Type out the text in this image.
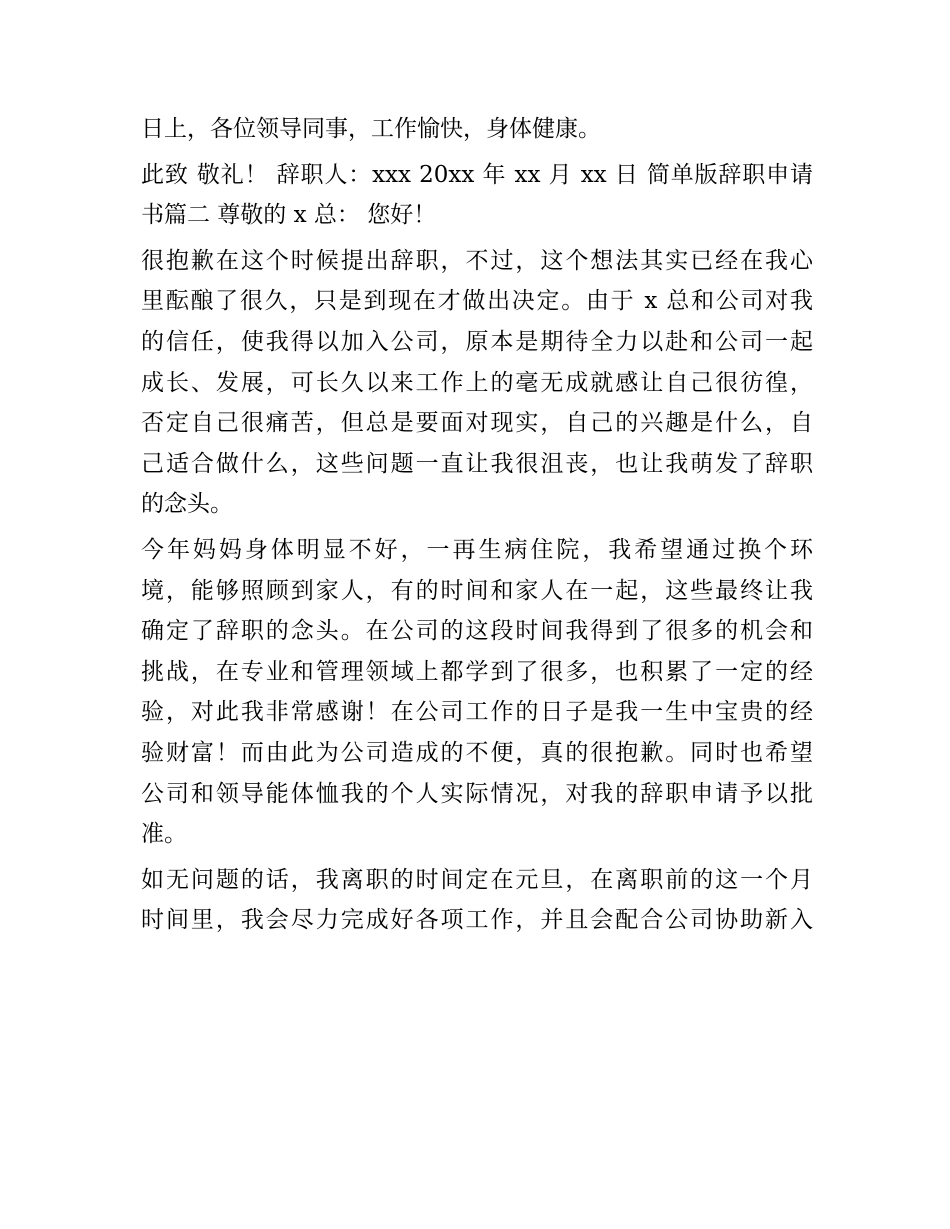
日上，各位领导同事，工作愉快，身体健康。
此致 敬礼！ 辞职人：xxx 20xx 年 xx 月 xx 日 简单版辞职申请
书篇二 尊敬的 x 总： 您好！
很抱歉在这个时候提出辞职，不过，这个想法其实已经在我心
里酝酿了很久，只是到现在才做出决定。由于 x 总和公司对我
的信任，使我得以加入公司，原本是期待全力以赴和公司一起
成长、发展，可长久以来工作上的毫无成就感让自己很彷徨，
否定自己很痛苦，但总是要面对现实，自己的兴趣是什么，自
己适合做什么，这些问题一直让我很沮丧，也让我萌发了辞职
的念头。
今年妈妈身体明显不好，一再生病住院，我希望通过换个环
境，能够照顾到家人，有的时间和家人在一起，这些最终让我
确定了辞职的念头。在公司的这段时间我得到了很多的机会和
挑战，在专业和管理领域上都学到了很多，也积累了一定的经
验，对此我非常感谢！在公司工作的日子是我一生中宝贵的经
验财富！而由此为公司造成的不便，真的很抱歉。同时也希望
公司和领导能体恤我的个人实际情况，对我的辞职申请予以批
准。
如无问题的话，我离职的时间定在元旦，在离职前的这一个月
时间里，我会尽力完成好各项工作，并且会配合公司协助新入
